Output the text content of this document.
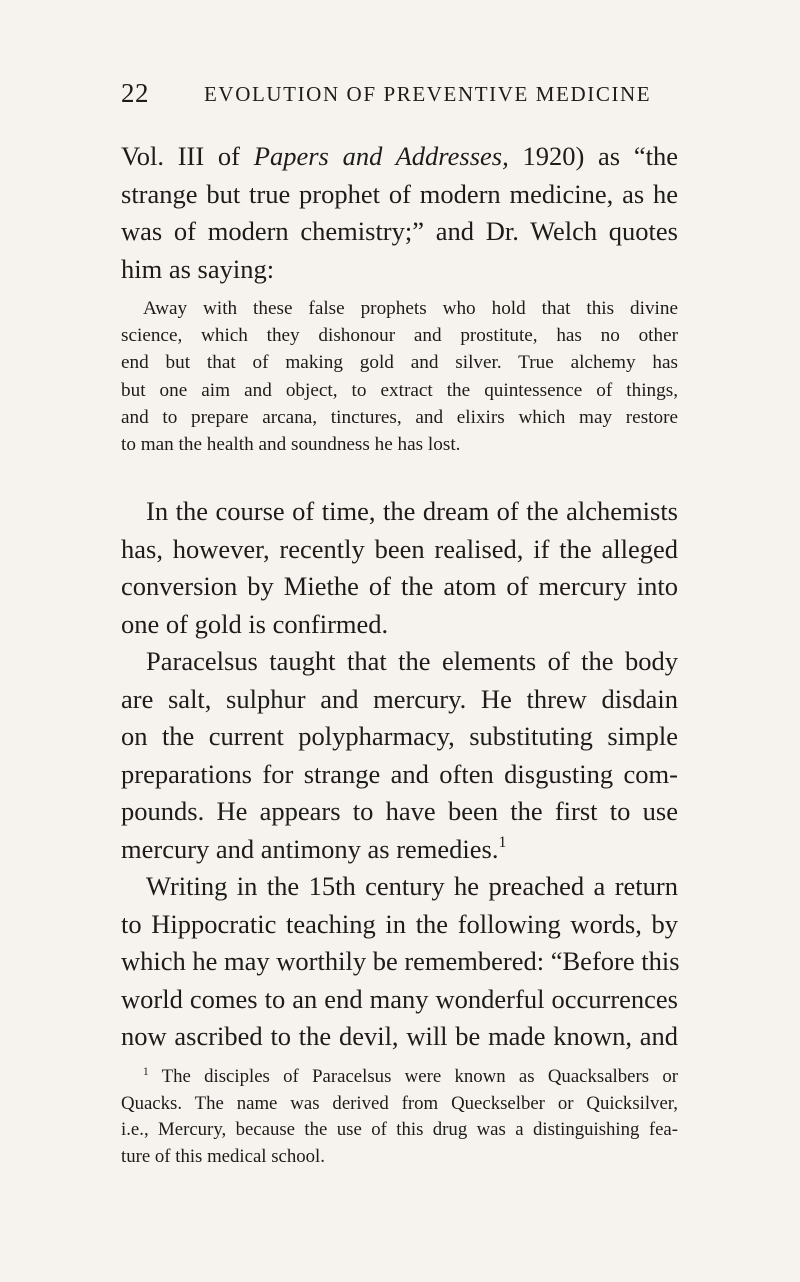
22	EVOLUTION OF PREVENTIVE MEDICINE
Vol. III of Papers and Addresses, 1920) as “the
strange but true prophet of modern medicine, as he
was of modern chemistry;” and Dr. Welch quotes
him as saying:
Away with these false prophets who hold that this divine
science, which they dishonour and prostitute, has no other
end but that of making gold and silver. True alchemy has
but one aim and object, to extract the quintessence of things,
and to prepare arcana, tinctures, and elixirs which may restore
to man the health and soundness he has lost.
In the course of time, the dream of the alchemists
has, however, recently been realised, if the alleged
conversion by Miethe of the atom of mercury into
one of gold is confirmed.
Paracelsus taught that the elements of the body
are salt, sulphur and mercury. He threw disdain
on the current polypharmacy, substituting simple
preparations for strange and often disgusting com-
pounds. He appears to have been the first to use
mercury and antimony as remedies.$^1$
Writing in the 15th century he preached a return
to Hippocratic teaching in the following words, by
which he may worthily be remembered: “Before this
world comes to an end many wonderful occurrences
now ascribed to the devil, will be made known, and
$^1$ The disciples of Paracelsus were known as Quacksalbers or
Quacks. The name was derived from Queckselber or Quicksilver,
i.e., Mercury, because the use of this drug was a distinguishing fea-
ture of this medical school.
